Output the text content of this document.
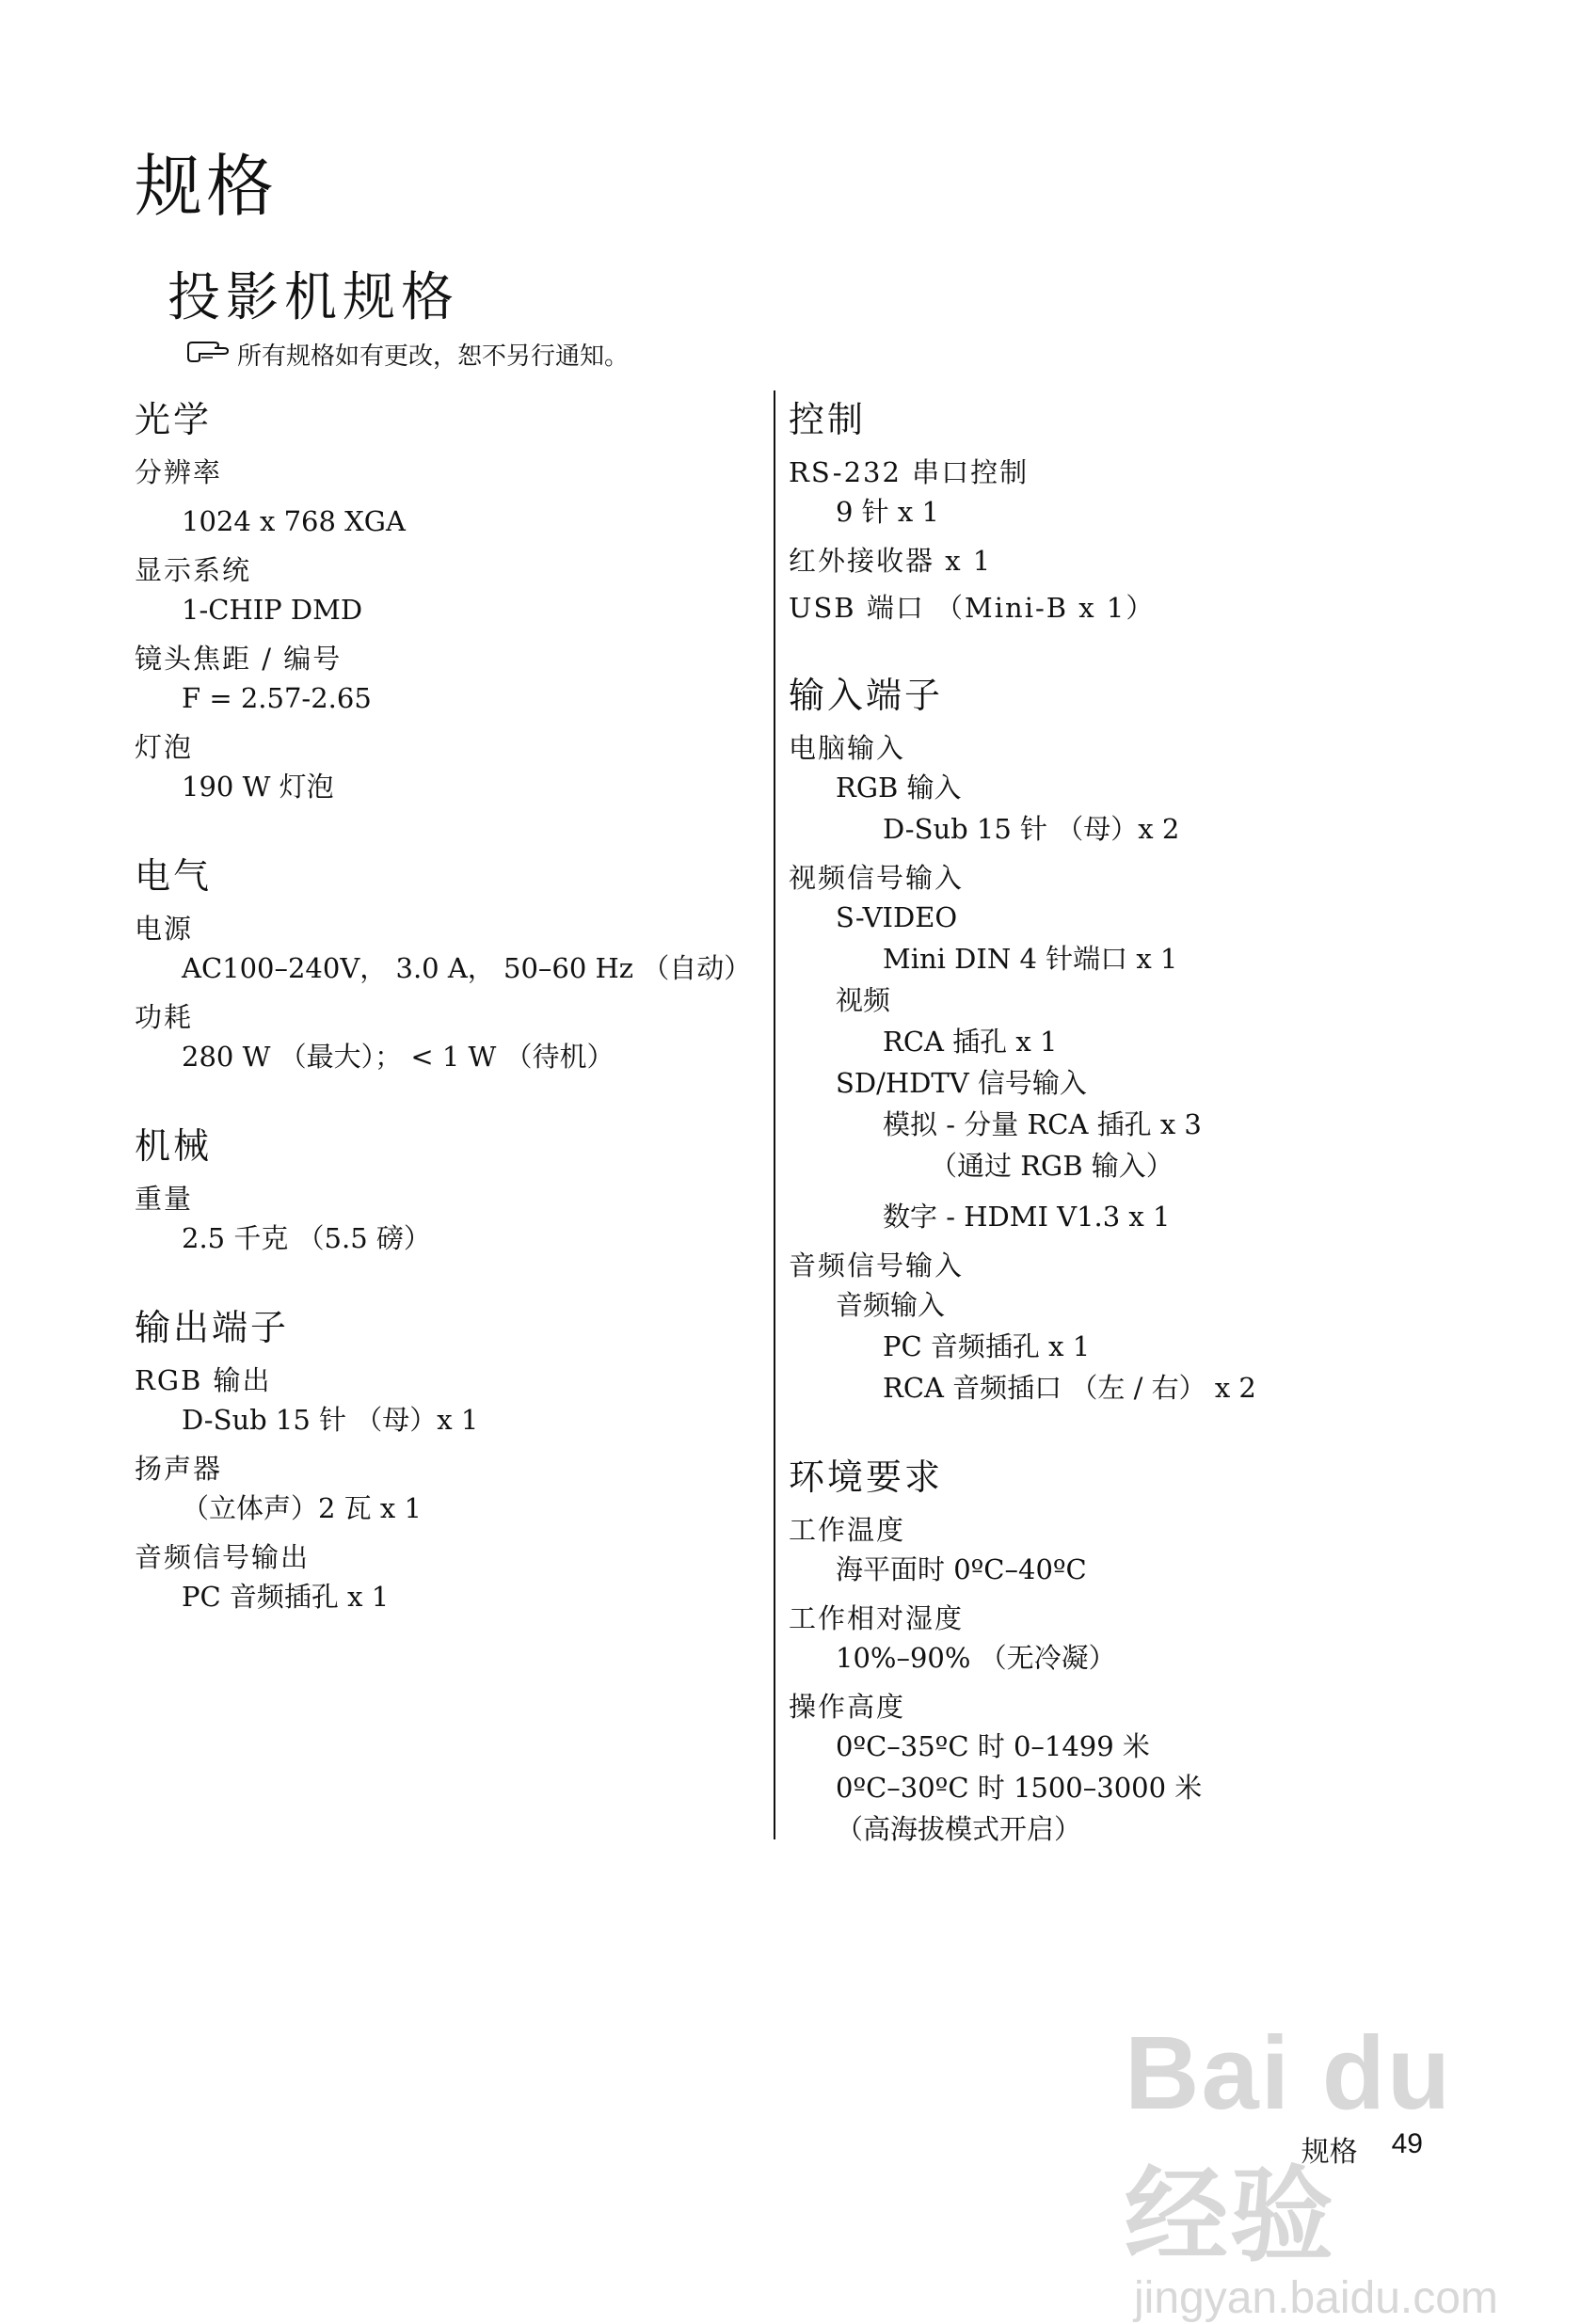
规格
投影机规格
所有规格如有更改，恕不另行通知。
光学
分辨率
1024 x 768 XGA
显示系统
1-CHIP DMD
镜头焦距 / 编号
F = 2.57-2.65
灯泡
190 W 灯泡
电气
电源
AC100–240V， 3.0 A， 50–60 Hz （自动）
功耗
280 W （最大）； < 1 W （待机）
机械
重量
2.5 千克 （5.5 磅）
输出端子
RGB 输出
D-Sub 15 针 （母）x 1
扬声器
（立体声）2 瓦 x 1
音频信号输出
PC 音频插孔 x 1
控制
RS-232 串口控制
9 针 x 1
红外接收器 x 1
USB 端口 （Mini-B x 1）
输入端子
电脑输入
RGB 输入
D-Sub 15 针 （母）x 2
视频信号输入
S-VIDEO
Mini DIN 4 针端口 x 1
视频
RCA 插孔 x 1
SD/HDTV 信号输入
模拟 - 分量 RCA 插孔 x 3
（通过 RGB 输入）
数字 - HDMI V1.3 x 1
音频信号输入
音频输入
PC 音频插孔 x 1
RCA 音频插口 （左 / 右） x 2
环境要求
工作温度
海平面时 0ºC–40ºC
工作相对湿度
10%–90% （无冷凝）
操作高度
0ºC–35ºC 时 0–1499 米
0ºC–30ºC 时 1500–3000 米
（高海拔模式开启）
Bai du 经验
jingyan.baidu.com
规格 49
